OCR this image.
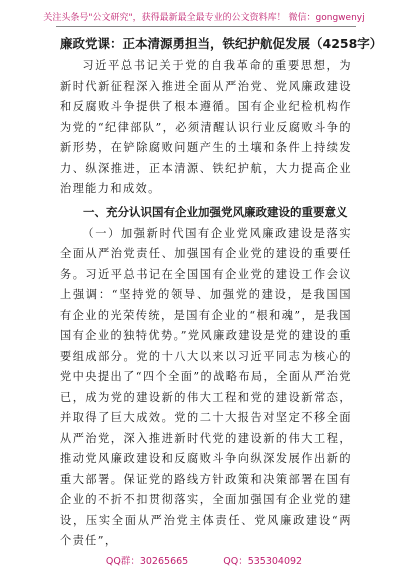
关注头条号"公文研究"，获得最新最全最专业的公文资料库！ 微信：gongwenyj
廉政党课：正本清源勇担当，铁纪护航促发展（4258字）

习近平总书记关于党的自我革命的重要思想，为新时代新征程深入推进全面从严治党、党风廉政建设和反腐败斗争提供了根本遵循。国有企业纪检机构作为党的“纪律部队”，必须清醒认识行业反腐败斗争的新形势，在铲除腐败问题产生的土壤和条件上持续发力、纵深推进，正本清源、铁纪护航，大力提高企业治理能力和成效。

一、充分认识国有企业加强党风廉政建设的重要意义

（一）加强新时代国有企业党风廉政建设是落实全面从严治党责任、加强国有企业党的建设的重要任务。习近平总书记在全国国有企业党的建设工作会议上强调：“坚持党的领导、加强党的建设，是我国国有企业的光荣传统，是国有企业的“根和魂”，是我国国有企业的独特优势。”党风廉政建设是党的建设的重要组成部分。党的十八大以来以习近平同志为核心的党中央提出了“四个全面”的战略布局，全面从严治党已，成为党的建设新的伟大工程和党的建设新常态，并取得了巨大成效。党的二十大报告对坚定不移全面从严治党，深入推进新时代党的建设新的伟大工程，推动党风廉政建设和反腐败斗争向纵深发展作出新的重大部署。保证党的路线方针政策和决策部署在国有企业的不折不扣贯彻落实，全面加强国有企业党的建设，压实全面从严治党主体责任、党风廉政建设“两个责任”，

QQ群：30265665	QQ：535304092
